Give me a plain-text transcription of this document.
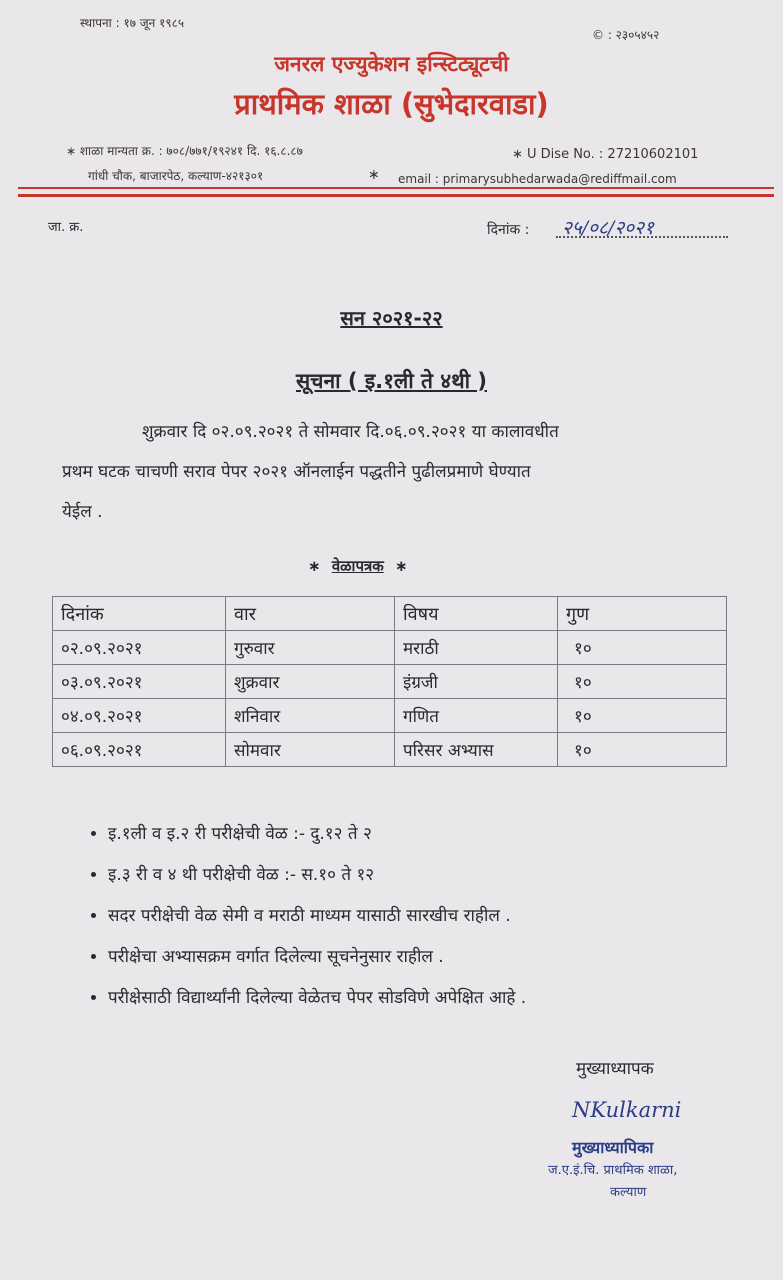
स्थापना : १७ जून १९८५
© : २३०५४५२
जनरल एज्युकेशन इन्स्टिट्यूटची
प्राथमिक शाळा (सुभेदारवाडा)
∗ शाळा मान्यता क्र. : ७०८/७७१/१९२४१ दि. १६.८.८७	∗ U Dise No. : 27210602101
गांधी चौक, बाजारपेठ, कल्याण-४२१३०१	∗ email : primarysubhedarwada@rediffmail.com
जा. क्र.	दिनांक : २५/०८/२०२१
सन २०२१-२२
सूचना ( इ.१ली ते ४थी )

शुक्रवार दि ०२.०९.२०२१ ते सोमवार दि.०६.०९.२०२१ या कालावधीत

प्रथम घटक चाचणी सराव पेपर २०२१ ऑनलाईन पद्धतीने पुढीलप्रमाणे घेण्यात

येईल .

∗ वेळापत्रक ∗
दिनांक	वार	विषय	गुण
०२.०९.२०२१	गुरुवार	मराठी	१०
०३.०९.२०२१	शुक्रवार	इंग्रजी	१०
०४.०९.२०२१	शनिवार	गणित	१०
०६.०९.२०२१	सोमवार	परिसर अभ्यास	१०
• इ.१ली व इ.२ री परीक्षेची वेळ :- दु.१२ ते २
• इ.३ री व ४ थी परीक्षेची वेळ :- स.१० ते १२
• सदर परीक्षेची वेळ सेमी व मराठी माध्यम यासाठी सारखीच राहील .
• परीक्षेचा अभ्यासक्रम वर्गात दिलेल्या सूचनेनुसार राहील .
• परीक्षेसाठी विद्यार्थ्यांनी दिलेल्या वेळेतच पेपर सोडविणे अपेक्षित आहे .
मुख्याध्यापक
NKulkarni
मुख्याध्यापिका
ज.ए.इं.चि. प्राथमिक शाळा,
कल्याण
